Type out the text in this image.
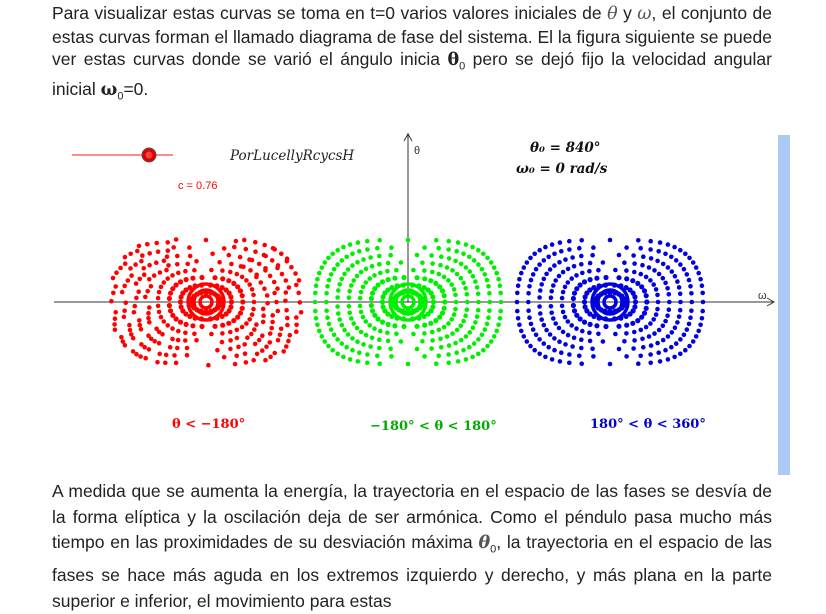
Para visualizar estas curvas se toma en t=0 varios valores iniciales de θ y ω, el conjunto de estas curvas forman el llamado diagrama de fase del sistema. El la figura siguiente se puede ver estas curvas donde se varió el ángulo inicia $\theta_0$ pero se dejó fijo la velocidad angular inicial $\omega_0=0$.
θ
ω
c = 0.76
PorLucellyRcycsH	θ₀ = 840°
ω₀ = 0 rad/s
θ < −180°	−180° < θ < 180°	180° < θ < 360°
A medida que se aumenta la energía, la trayectoria en el espacio de las fases se desvía de la forma elíptica y la oscilación deja de ser armónica. Como el péndulo pasa mucho más tiempo en las proximidades de su desviación máxima $\theta_0$, la trayectoria en el espacio de las fases se hace más aguda en los extremos izquierdo y derecho, y más plana en la parte superior e inferior, el movimiento para estas
